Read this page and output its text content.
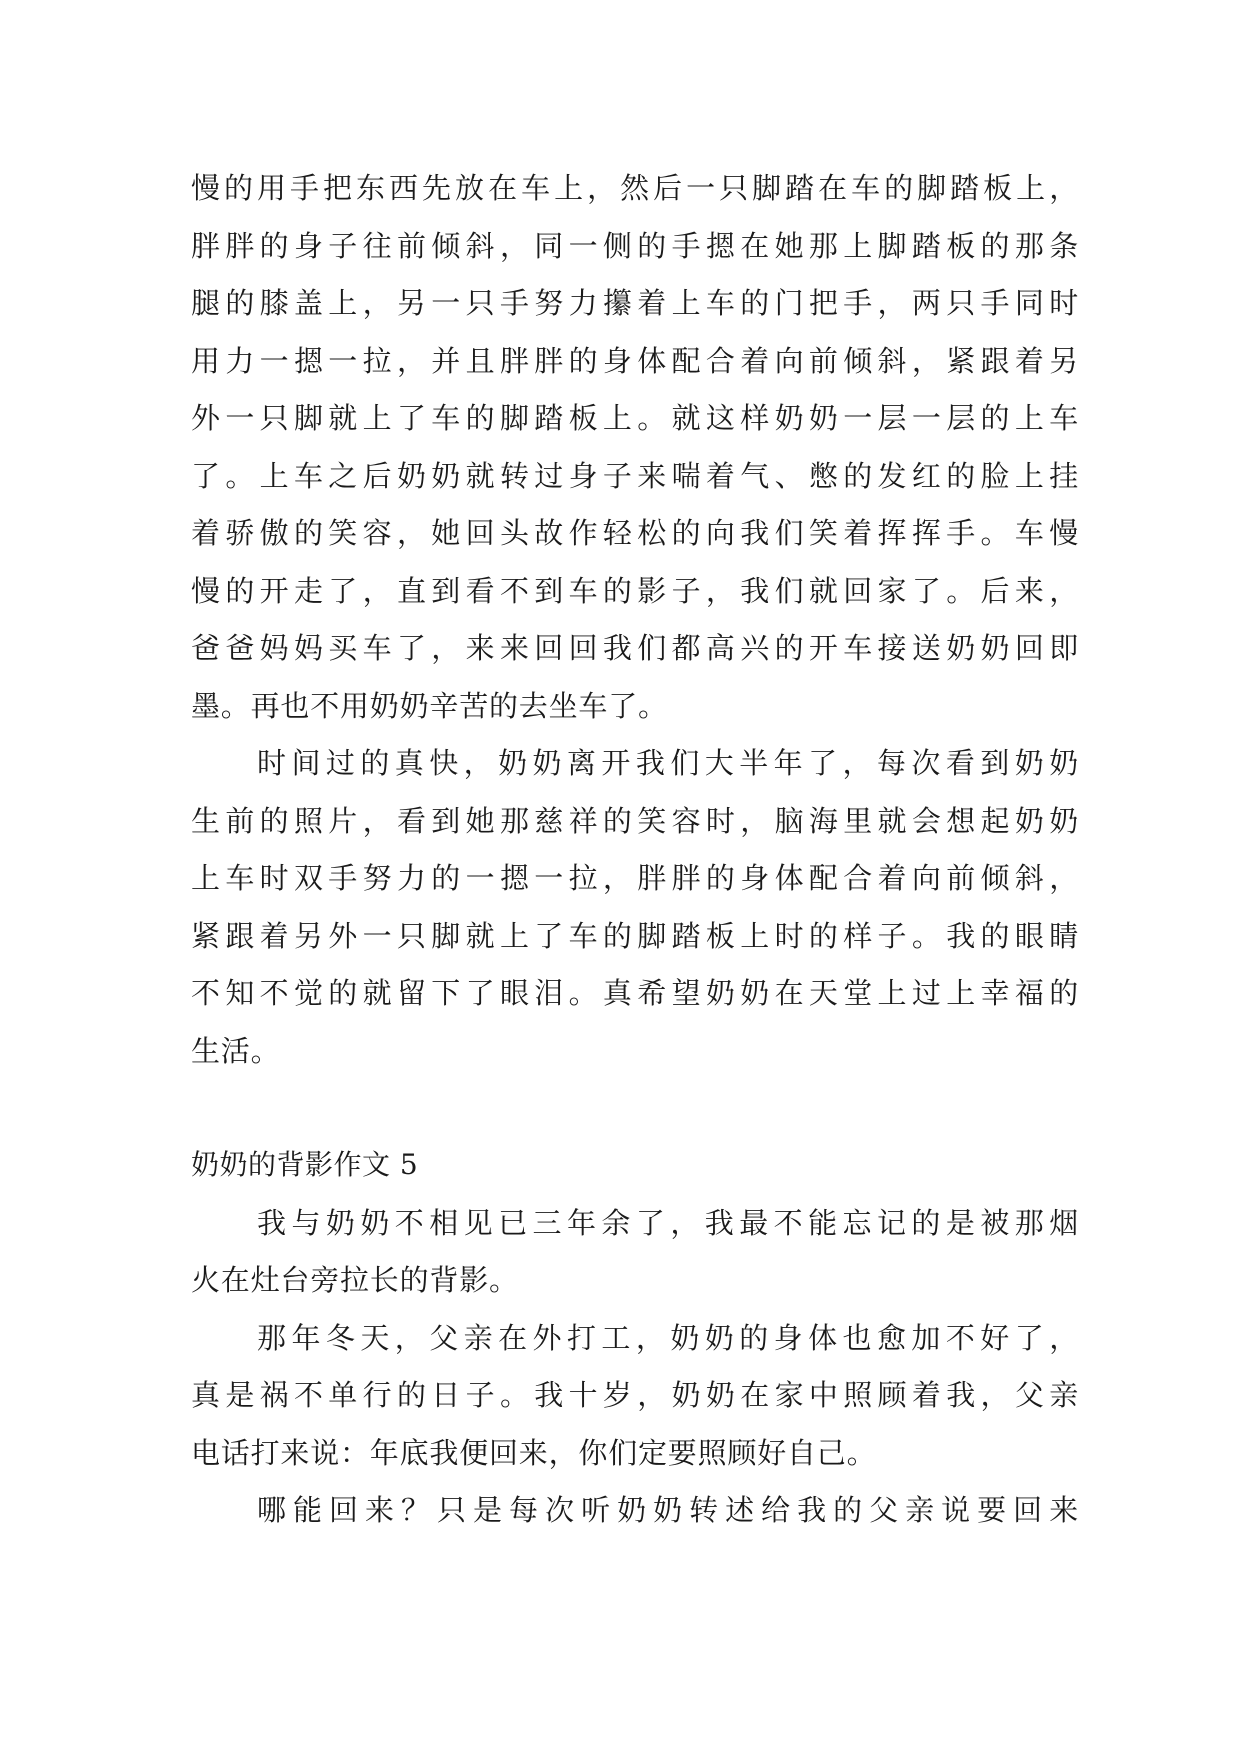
慢的用手把东西先放在车上，然后一只脚踏在车的脚踏板上，
胖胖的身子往前倾斜，同一侧的手摁在她那上脚踏板的那条
腿的膝盖上，另一只手努力攥着上车的门把手，两只手同时
用力一摁一拉，并且胖胖的身体配合着向前倾斜，紧跟着另
外一只脚就上了车的脚踏板上。就这样奶奶一层一层的上车
了。上车之后奶奶就转过身子来喘着气、憋的发红的脸上挂
着骄傲的笑容，她回头故作轻松的向我们笑着挥挥手。车慢
慢的开走了，直到看不到车的影子，我们就回家了。后来，
爸爸妈妈买车了，来来回回我们都高兴的开车接送奶奶回即
墨。再也不用奶奶辛苦的去坐车了。
时间过的真快，奶奶离开我们大半年了，每次看到奶奶
生前的照片，看到她那慈祥的笑容时，脑海里就会想起奶奶
上车时双手努力的一摁一拉，胖胖的身体配合着向前倾斜，
紧跟着另外一只脚就上了车的脚踏板上时的样子。我的眼睛
不知不觉的就留下了眼泪。真希望奶奶在天堂上过上幸福的
生活。
奶奶的背影作文 5
我与奶奶不相见已三年余了，我最不能忘记的是被那烟
火在灶台旁拉长的背影。
那年冬天，父亲在外打工，奶奶的身体也愈加不好了，
真是祸不单行的日子。我十岁，奶奶在家中照顾着我，父亲
电话打来说：年底我便回来，你们定要照顾好自己。
哪能回来？只是每次听奶奶转述给我的父亲说要回来
